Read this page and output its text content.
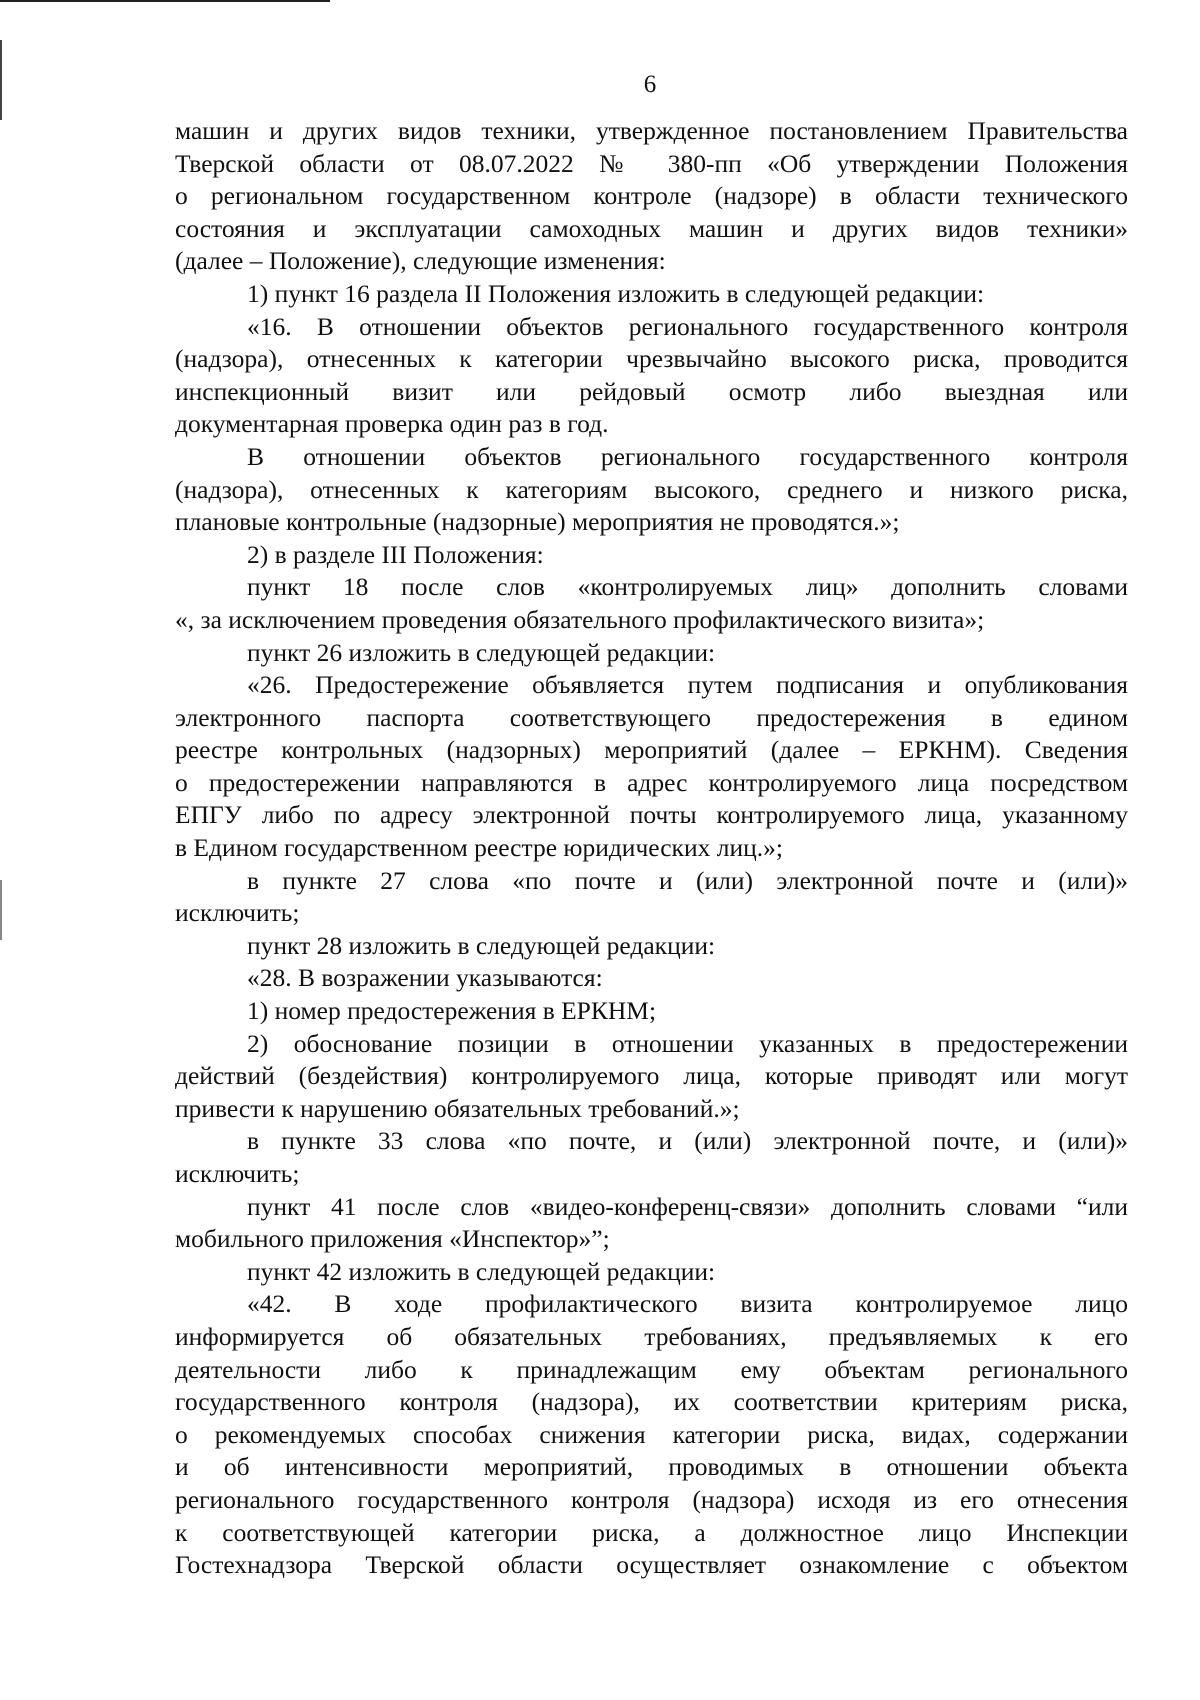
6
машин и других видов техники, утвержденное постановлением Правительства
Тверской области от 08.07.2022 № 380-пп «Об утверждении Положения
о региональном государственном контроле (надзоре) в области технического
состояния и эксплуатации самоходных машин и других видов техники»
(далее – Положение), следующие изменения:
1) пункт 16 раздела II Положения изложить в следующей редакции:
«16. В отношении объектов регионального государственного контроля
(надзора), отнесенных к категории чрезвычайно высокого риска, проводится
инспекционный визит или рейдовый осмотр либо выездная или
документарная проверка один раз в год.
В отношении объектов регионального государственного контроля
(надзора), отнесенных к категориям высокого, среднего и низкого риска,
плановые контрольные (надзорные) мероприятия не проводятся.»;
2) в разделе III Положения:
пункт 18 после слов «контролируемых лиц» дополнить словами
«, за исключением проведения обязательного профилактического визита»;
пункт 26 изложить в следующей редакции:
«26. Предостережение объявляется путем подписания и опубликования
электронного паспорта соответствующего предостережения в едином
реестре контрольных (надзорных) мероприятий (далее – ЕРКНМ). Сведения
о предостережении направляются в адрес контролируемого лица посредством
ЕПГУ либо по адресу электронной почты контролируемого лица, указанному
в Едином государственном реестре юридических лиц.»;
в пункте 27 слова «по почте и (или) электронной почте и (или)»
исключить;
пункт 28 изложить в следующей редакции:
«28. В возражении указываются:
1) номер предостережения в ЕРКНМ;
2) обоснование позиции в отношении указанных в предостережении
действий (бездействия) контролируемого лица, которые приводят или могут
привести к нарушению обязательных требований.»;
в пункте 33 слова «по почте, и (или) электронной почте, и (или)»
исключить;
пункт 41 после слов «видео-конференц-связи» дополнить словами “или
мобильного приложения «Инспектор»”;
пункт 42 изложить в следующей редакции:
«42. В ходе профилактического визита контролируемое лицо
информируется об обязательных требованиях, предъявляемых к его
деятельности либо к принадлежащим ему объектам регионального
государственного контроля (надзора), их соответствии критериям риска,
о рекомендуемых способах снижения категории риска, видах, содержании
и об интенсивности мероприятий, проводимых в отношении объекта
регионального государственного контроля (надзора) исходя из его отнесения
к соответствующей категории риска, а должностное лицо Инспекции
Гостехнадзора Тверской области осуществляет ознакомление с объектом
